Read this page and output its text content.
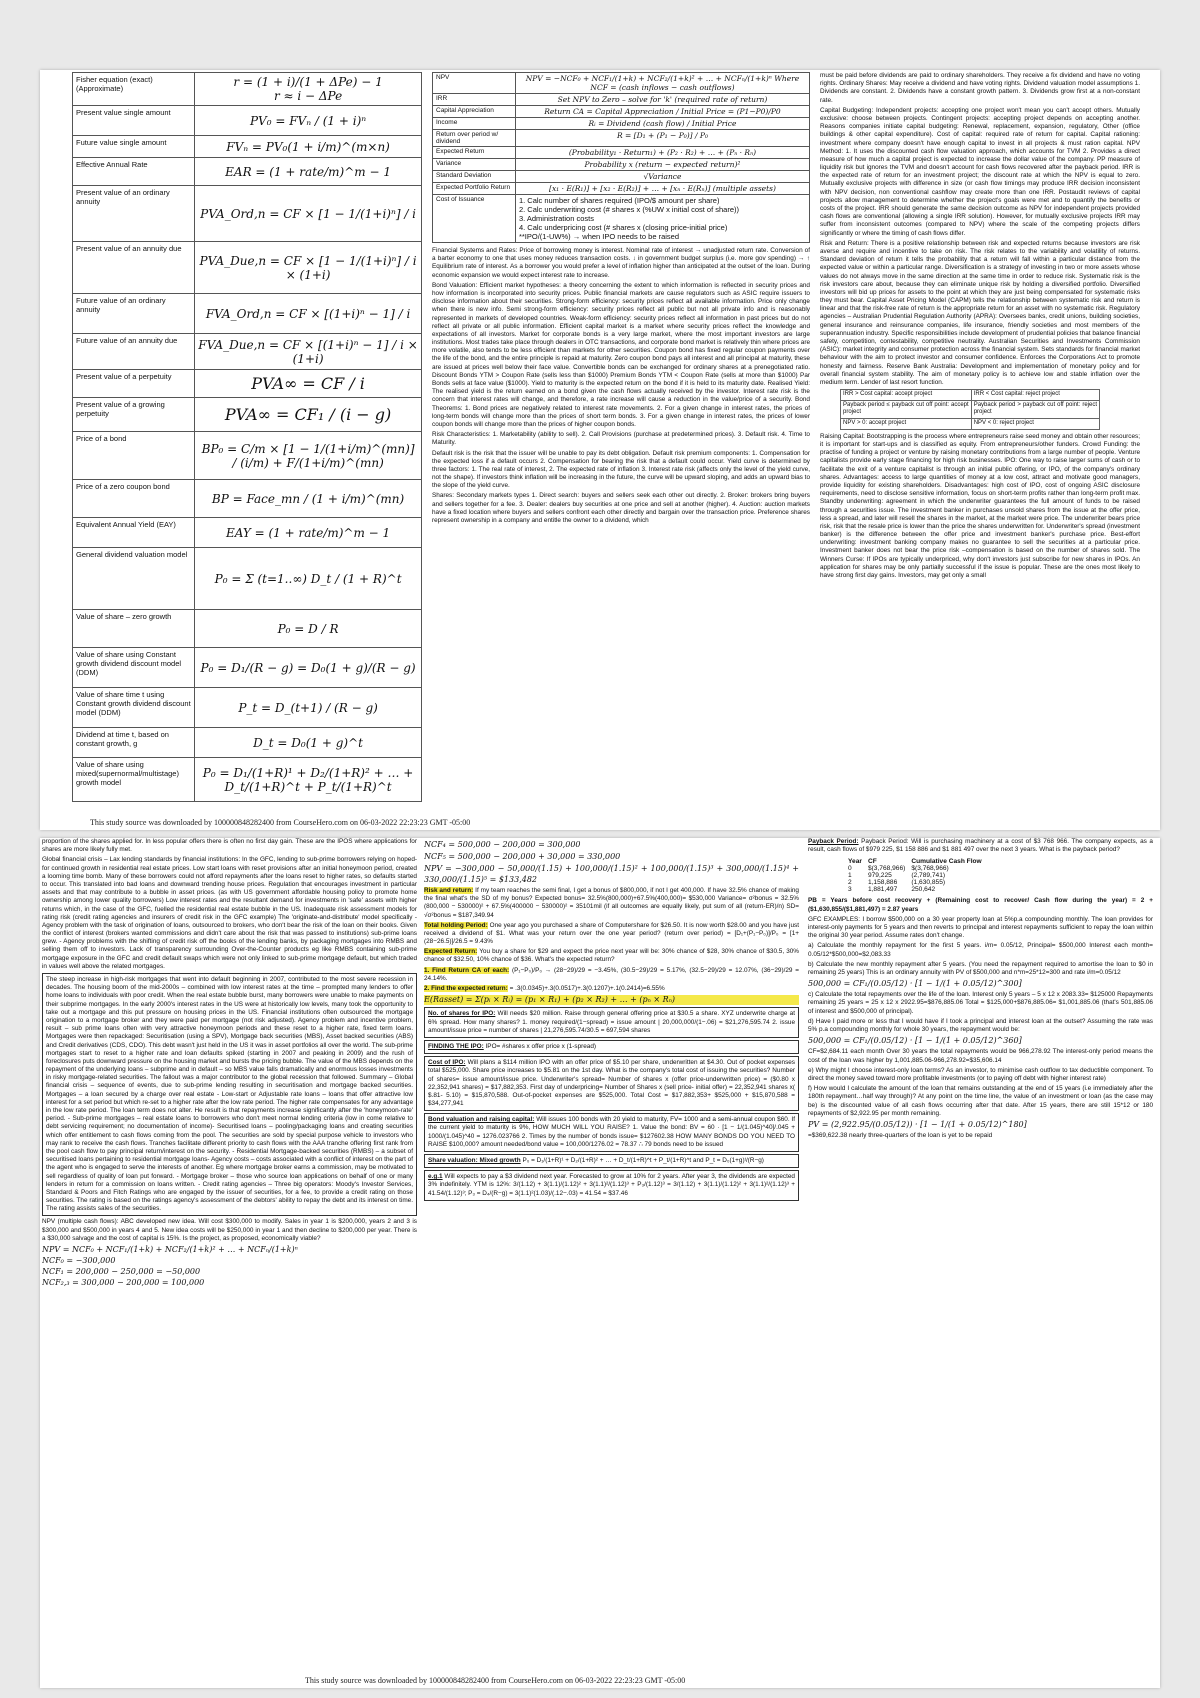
Fisher equation (exact)
(Approximate)	r = (1 + i)/(1 + ΔPe) − 1
r ≈ i − ΔPe
Present value single amount	PV₀ = FVₙ / (1 + i)ⁿ
Future value single amount	FVₙ = PV₀(1 + i/m)^(m×n)
Effective Annual Rate	EAR = (1 + rate/m)^m − 1
Present value of an ordinary annuity	PVA_Ord,n = CF × [1 − 1/(1+i)ⁿ] / i
Present value of an annuity due	PVA_Due,n = CF × [1 − 1/(1+i)ⁿ] / i × (1+i)
Future value of an ordinary annuity	FVA_Ord,n = CF × [(1+i)ⁿ − 1] / i
Future value of an annuity due	FVA_Due,n = CF × [(1+i)ⁿ − 1] / i × (1+i)
Present value of a perpetuity	PVA∞ = CF / i
Present value of a growing perpetuity	PVA∞ = CF₁ / (i − g)
Price of a bond	BP₀ = C/m × [1 − 1/(1+i/m)^(mn)] / (i/m) + F/(1+i/m)^(mn)
Price of a zero coupon bond	BP = Face_mn / (1 + i/m)^(mn)
Equivalent Annual Yield (EAY)	EAY = (1 + rate/m)^m − 1
General dividend valuation model	P₀ = Σ (t=1..∞) D_t / (1 + R)^t
Value of share – zero growth	P₀ = D / R
Value of share using Constant growth dividend discount model (DDM)	P₀ = D₁/(R − g) = D₀(1 + g)/(R − g)
Value of share time t using Constant growth dividend discount model (DDM)	P_t = D_(t+1) / (R − g)
Dividend at time t, based on constant growth, g	D_t = D₀(1 + g)^t
Value of share using mixed(supernormal/multistage) growth model	P₀ = D₁/(1+R)¹ + D₂/(1+R)² + … + D_t/(1+R)^t + P_t/(1+R)^t
NPV	NPV = −NCF₀ + NCF₁/(1+k) + NCF₂/(1+k)² + … + NCFₙ/(1+k)ⁿ Where NCF = (cash inflows − cash outflows)
IRR	Set NPV to Zero – solve for 'k' (required rate of return)
Capital Appreciation	Return CA = Capital Appreciation / Initial Price = (P1−P0)/P0
Income	Rᵢ = Dividend (cash flow) / Initial Price
Return over period w/ dividend	R = [D₁ + (P₁ − P₀)] / P₀
Expected Return	(Probability₁ · Return₁) + (P₂ · R₂) + … + (Pₙ · Rₙ)
Variance	Probability x (return − expected return)²
Standard Deviation	√Variance
Expected Portfolio Return	[x₁ · E(R₁)] + [x₂ · E(R₂)] + … + [xₙ · E(Rₙ)] (multiple assets)
Cost of Issuance	1. Calc number of shares required (IPO/$ amount per share)
2. Calc underwriting cost (# shares x (%UW x initial cost of share))
3. Administration costs
4. Calc underpricing cost (# shares x (closing price-initial price)
**IPO/(1-UW%) → when IPO needs to be raised

Financial Systems and Rates: Price of borrowing money is interest. Nominal rate of interest → unadjusted return rate. Conversion of a barter economy to one that uses money reduces transaction costs. ↓ in government budget surplus (i.e. more gov spending) → ↑ Equilibrium rate of interest. As a borrower you would prefer a level of inflation higher than anticipated at the outset of the loan. During economic expansion we would expect interest rate to increase.

Bond Valuation: Efficient market hypotheses: a theory concerning the extent to which information is reflected in security prices and how information is incorporated into security prices. Public financial markets are cause regulators such as ASIC require issuers to disclose information about their securities. Strong-form efficiency: security prices reflect all available information. Price only change when there is new info. Semi strong-form efficiency: security prices reflect all public but not all private info and is reasonably represented in markets of developed countries. Weak-form efficiency: security prices reflect all information in past prices but do not reflect all private or all public information. Efficient capital market is a market where security prices reflect the knowledge and expectations of all investors. Market for corporate bonds is a very large market, where the most important investors are large institutions. Most trades take place through dealers in OTC transactions, and corporate bond market is relatively thin where prices are more volatile, also tends to be less efficient than markets for other securities. Coupon bond has fixed regular coupon payments over the life of the bond, and the entire principle is repaid at maturity. Zero coupon bond pays all interest and all principal at maturity, these are issued at prices well below their face value. Convertible bonds can be exchanged for ordinary shares at a prenegotiated ratio. Discount Bonds YTM > Coupon Rate (sells less than $1000) Premium Bonds YTM < Coupon Rate (sells at more than $1000) Par Bonds sells at face value ($1000). Yield to maturity is the expected return on the bond if it is held to its maturity date. Realised Yield: The realised yield is the return earned on a bond given the cash flows actually received by the investor. Interest rate risk is the concern that interest rates will change, and therefore, a rate increase will cause a reduction in the value/price of a security. Bond Theorems: 1. Bond prices are negatively related to interest rate movements. 2. For a given change in interest rates, the prices of long-term bonds will change more than the prices of short term bonds. 3. For a given change in interest rates, the prices of lower coupon bonds will change more than the prices of higher coupon bonds.

Risk Characteristics: 1. Marketability (ability to sell). 2. Call Provisions (purchase at predetermined prices). 3. Default risk. 4. Time to Maturity.

Default risk is the risk that the issuer will be unable to pay its debt obligation. Default risk premium components: 1. Compensation for the expected loss if a default occurs 2. Compensation for bearing the risk that a default could occur. Yield curve is determined by three factors: 1. The real rate of interest, 2. The expected rate of inflation 3. Interest rate risk (affects only the level of the yield curve, not the shape). If investors think inflation will be increasing in the future, the curve will be upward sloping, and adds an upward bias to the slope of the yield curve.

Shares: Secondary markets types 1. Direct search: buyers and sellers seek each other out directly. 2. Broker: brokers bring buyers and sellers together for a fee. 3. Dealer: dealers buy securities at one price and sell at another (higher). 4. Auction: auction markets have a fixed location where buyers and sellers confront each other directly and bargain over the transaction price. Preference shares represent ownership in a company and entitle the owner to a dividend, which

must be paid before dividends are paid to ordinary shareholders. They receive a fix dividend and have no voting rights. Ordinary Shares: May receive a dividend and have voting rights. Dividend valuation model assumptions 1. Dividends are constant. 2. Dividends have a constant growth pattern. 3. Dividends grow first at a non-constant rate.

Capital Budgeting: Independent projects: accepting one project won't mean you can't accept others. Mutually exclusive: choose between projects. Contingent projects: accepting project depends on accepting another. Reasons companies initiate capital budgeting: Renewal, replacement, expansion, regulatory, Other (office buildings & other capital expenditure). Cost of capital: required rate of return for capital. Capital rationing: investment where company doesn't have enough capital to invest in all projects & must ration capital. NPV Method: 1. It uses the discounted cash flow valuation approach, which accounts for TVM 2. Provides a direct measure of how much a capital project is expected to increase the dollar value of the company. PP measure of liquidity risk but ignores the TVM and doesn't account for cash flows recovered after the payback period. IRR is the expected rate of return for an investment project; the discount rate at which the NPV is equal to zero. Mutually exclusive projects with difference in size (or cash flow timings may produce IRR decision inconsistent with NPV decision, non conventional cashflow may create more than one IRR. Postaudit reviews of capital projects allow management to determine whether the project's goals were met and to quantify the benefits or costs of the project. IRR should generate the same decision outcome as NPV for independent projects provided cash flows are conventional (allowing a single IRR solution). However, for mutually exclusive projects IRR may suffer from inconsistent outcomes (compared to NPV) where the scale of the competing projects differs significantly or where the timing of cash flows differ.

Risk and Return: There is a positive relationship between risk and expected returns because investors are risk averse and require and incentive to take on risk. The risk relates to the variability and volatility of returns. Standard deviation of return it tells the probability that a return will fall within a particular distance from the expected value or within a particular range. Diversification is a strategy of investing in two or more assets whose values do not always move in the same direction at the same time in order to reduce risk. Systematic risk is the risk investors care about, because they can eliminate unique risk by holding a diversified portfolio. Diversified investors will bid up prices for assets to the point at which they are just being compensated for systematic risks they must bear. Capital Asset Pricing Model (CAPM) tells the relationship between systematic risk and return is linear and that the risk-free rate of return is the appropriate return for an asset with no systematic risk. Regulatory agencies – Australian Prudential Regulation Authority (APRA): Oversees banks, credit unions, building societies, general insurance and reinsurance companies, life insurance, friendly societies and most members of the superannuation industry. Specific responsibilities include development of prudential policies that balance financial safety, competition, contestability, competitive neutrality. Australian Securities and Investments Commission (ASIC): market integrity and consumer protection across the financial system. Sets standards for financial market behaviour with the aim to protect investor and consumer confidence. Enforces the Corporations Act to promote honesty and fairness. Reserve Bank Australia: Development and implementation of monetary policy and for overall financial system stability. The aim of monetary policy is to achieve low and stable inflation over the medium term. Lender of last resort function.

IRR > Cost capital: accept project	IRR < Cost capital: reject project
Payback period ≤ payback cut off point: accept project	Payback period > payback cut off point: reject project
NPV > 0: accept project	NPV < 0: reject project

Raising Capital: Bootstrapping is the process where entrepreneurs raise seed money and obtain other resources; it is important for start-ups and is classified as equity. From entrepreneurs/other funders. Crowd Funding: the practise of funding a project or venture by raising monetary contributions from a large number of people. Venture capitalists provide early stage financing for high risk businesses. IPO: One way to raise larger sums of cash or to facilitate the exit of a venture capitalist is through an initial public offering, or IPO, of the company's ordinary shares. Advantages: access to large quantities of money at a low cost, attract and motivate good managers, provide liquidity for existing shareholders. Disadvantages: high cost of IPO, cost of ongoing ASIC disclosure requirements, need to disclose sensitive information, focus on short-term profits rather than long-term profit max. Standby underwriting: agreement in which the underwriter guarantees the full amount of funds to be raised through a securities issue. The investment banker in purchases unsold shares from the issue at the offer price, less a spread, and later will resell the shares in the market, at the market were price. The underwriter bears price risk, risk that the resale price is lower than the price the shares underwritten for. Underwriter's spread (investment banker) is the difference between the offer price and investment banker's purchase price. Best-effort underwriting: investment banking company makes no guarantee to sell the securities at a particular price. Investment banker does not bear the price risk –compensation is based on the number of shares sold. The Winners Curse: If IPOs are typically underpriced, why don't investors just subscribe for new shares in IPOs. An application for shares may be only partially successful if the issue is popular. These are the ones most likely to have strong first day gains. Investors, may get only a small

This study source was downloaded by 100000848282400 from CourseHero.com on 06-03-2022 22:23:23 GMT -05:00

proportion of the shares applied for. In less popular offers there is often no first day gain. These are the IPOS where applications for shares are more likely fully met.

Global financial crisis – Lax lending standards by financial institutions: In the GFC, lending to sub-prime borrowers relying on hoped-for continued growth in residential real estate prices. Low start loans with reset provisions after an initial honeymoon period, created a looming time bomb. Many of these borrowers could not afford repayments after the loans reset to higher rates, so defaults started to occur. This translated into bad loans and downward trending house prices. Regulation that encourages investment in particular assets and that may contribute to a bubble in asset prices. (as with US government affordable housing policy to promote home ownership among lower quality borrowers) Low interest rates and the resultant demand for investments in 'safe' assets with higher returns which, in the case of the GFC, fuelled the residential real estate bubble in the US. Inadequate risk assessment models for rating risk (credit rating agencies and insurers of credit risk in the GFC example) The 'originate-and-distribute' model specifically - Agency problem with the task of origination of loans, outsourced to brokers, who don't bear the risk of the loan on their books. Given the conflict of interest (brokers wanted commissions and didn't care about the risk that was passed to institutions) sub-prime loans grew. - Agency problems with the shifting of credit risk off the books of the lending banks, by packaging mortgages into RMBS and selling them off to investors. Lack of transparency surrounding Over-the-Counter products eg like RMBS containing sub-prime mortgage exposure in the GFC and credit default swaps which were not only linked to sub-prime mortgage default, but which traded in values well above the related mortgages.

The steep increase in high-risk mortgages that went into default beginning in 2007, contributed to the most severe recession in decades. The housing boom of the mid-2000s – combined with low interest rates at the time – prompted many lenders to offer home loans to individuals with poor credit. When the real estate bubble burst, many borrowers were unable to make payments on their subprime mortgages. In the early 2000's interest rates in the US were at historically low levels, many took the opportunity to take out a mortgage and this put pressure on housing prices in the US. Financial institutions often outsourced the mortgage origination to a mortgage broker and they were paid per mortgage (not risk adjusted). Agency problem and incentive problem, result – sub prime loans often with very attractive honeymoon periods and these reset to a higher rate, fixed term loans. Mortgages were then repackaged: Securitisation (using a SPV), Mortgage back securities (MBS), Asset backed securities (ABS) and Credit derivatives (CDS, CDO). This debt wasn't just held in the US it was in asset portfolios all over the world. The sub-prime mortgages start to reset to a higher rate and loan defaults spiked (starting in 2007 and peaking in 2009) and the rush of foreclosures puts downward pressure on the housing market and bursts the pricing bubble. The value of the MBS depends on the repayment of the underlying loans – subprime and in default – so MBS value falls dramatically and enormous losses investments in risky mortgage-related securities. The fallout was a major contributor to the global recession that followed. Summary – Global financial crisis – sequence of events, due to sub-prime lending resulting in securitisation and mortgage backed securities. Mortgages – a loan secured by a charge over real estate - Low-start or Adjustable rate loans – loans that offer attractive low interest for a set period but which re-set to a higher rate after the low rate period. The higher rate compensates for any advantage in the low rate period. The loan term does not alter. He result is that repayments increase significantly after the 'honeymoon-rate' period. - Sub-prime mortgages – real estate loans to borrowers who don't meet normal lending criteria (low in come relative to debt servicing requirement; no documentation of income)- Securitised loans – pooling/packaging loans and creating securities which offer entitlement to cash flows coming from the pool. The securities are sold by special purpose vehicle to investors who may rank to receive the cash flows. Tranches facilitate different priority to cash flows with the AAA tranche offering first rank from the pool cash flow to pay principal return/interest on the security. - Residential Mortgage-backed securities (RMBS) – a subset of securitised loans pertaining to residential mortgage loans- Agency costs – costs associated with a conflict of interest on the part of the agent who is engaged to serve the interests of another. Eg where mortgage broker earns a commission, may be motivated to sell regardless of quality of loan put forward. - Mortgage broker – those who source loan applications on behalf of one or many lenders in return for a commission on loans written. - Credit rating agencies – Three big operators: Moody's Investor Services, Standard & Poors and Fitch Ratings who are engaged by the issuer of securities, for a fee, to provide a credit rating on those securities. The rating is based on the ratings agency's assessment of the debtors' ability to repay the debt and its interest on time. The rating assists sales of the securities.

NPV (multiple cash flows): ABC developed new idea. Will cost $300,000 to modify. Sales in year 1 is $200,000, years 2 and 3 is $300,000 and $500,000 in years 4 and 5. New idea costs will be $250,000 in year 1 and then decline to $200,000 per year. There is a $30,000 salvage and the cost of capital is 15%. Is the project, as proposed, economically viable?

NPV = NCF₀ + NCF₁/(1+k) + NCF₂/(1+k)² + … + NCFₙ/(1+k)ⁿ
NCF₀ = −300,000
NCF₁ = 200,000 − 250,000 = −50,000
NCF₂,₃ = 300,000 − 200,000 = 100,000
NCF₄ = 500,000 − 200,000 = 300,000
NCF₅ = 500,000 − 200,000 + 30,000 = 330,000
NPV = −300,000 − 50,000/(1.15) + 100,000/(1.15)² + 100,000/(1.15)³ + 300,000/(1.15)⁴ + 330,000/(1.15)⁵ = $133,482

Risk and return: If my team reaches the semi final, I get a bonus of $800,000, if not I get 400,000. If have 32.5% chance of making the final what's the SD of my bonus? Expected bonus= 32.5%(800,000)+67.5%(400,000)= $530,000 Variance= σ²bonus = 32.5%(800,000 − 530000)² + 67.5%(400000 − 530000)² = 35101mil (if all outcomes are equally likely, put sum of all (return-ER)/n) SD= √σ²bonus = $187,349.94

Total holding Period: One year ago you purchased a share of Computershare for $26.50. It is now worth $28.00 and you have just received a dividend of $1. What was your return over the one year period? (return over period) = [D₁+(P₁−P₀)]/P₀ = [1+(28−26.5)]/26.5 = 9.43%

Expected Return: You buy a share for $29 and expect the price next year will be: 30% chance of $28, 30% chance of $30.5, 30% chance of $32.50, 10% chance of $36. What's the expected return?

1. Find Return CA of each: (P₁−P₀)/P₀ → (28−29)/29 = −3.45%, (30.5−29)/29 = 5.17%, (32.5−29)/29 = 12.07%, (36−29)/29 = 24.14%.

2. Find the expected return: = .3(0.0345)+.3(0.0517)+.3(0.1207)+.1(0.2414)=6.55%

E(Rasset) = Σ(pᵢ × Rᵢ) = (p₁ × R₁) + (p₂ × R₂) + … + (pₙ × Rₙ)

No. of shares for IPO: Will needs $20 million. Raise through general offering price at $30.5 a share. XYZ underwrite charge at 6% spread. How many shares? 1. money required/(1−spread) = issue amount | 20,000,000/(1−.06) = $21,276,595.74 2. issue amount/issue price = number of shares | 21,276,595.74/30.5 = 697,594 shares

FINDING THE IPO: IPO= #shares x offer price x (1-spread)

Cost of IPO: Will plans a $114 million IPO with an offer price of $5.10 per share, underwritten at $4.30. Out of pocket expenses total $525,000. Share price increases to $5.81 on the 1st day. What is the company's total cost of issuing the securities? Number of shares= issue amount/issue price. Underwriter's spread= Number of shares x (offer price-underwritten price) = ($0.80 x 22,352,941 shares) = $17,882,353. First day of underpricing= Number of Shares x (sell price- initial offer) = 22,352,941 shares x( $.81- 5.10) = $15,870,588. Out-of-pocket expenses are $525,000. Total Cost = $17,882,353+ $525,000 + $15,870,588 = $34,277,941

Bond valuation and raising capital: Will issues 100 bonds with 20 yield to maturity, FV= 1000 and a semi-annual coupon $60. If the current yield to maturity is 9%, HOW MUCH WILL YOU RAISE? 1. Value the bond: BV = 60 · [1 − 1/(1.045)^40]/.045 + 1000/(1.045)^40 = 1276.023766 2. Times by the number of bonds issue= $127602.38 HOW MANY BONDS DO YOU NEED TO RAISE $100,000? amount needed/bond value = 100,000/1276.02 = 78.37 ∴ 79 bonds need to be issued

Share valuation: Mixed growth P₀ = D₁/(1+R)¹ + D₂/(1+R)² + … + D_t/(1+R)^t + P_t/(1+R)^t and P_t = D₀(1+g)ᵗ/(R−g)

e.g.1 Will expects to pay a $3 dividend next year. Forecasted to grow at 10% for 2 years. After year 3, the dividends are expected 3% indefinitely. YTM is 12%: 3/(1.12) + 3(1.1)/(1.12)² + 3(1.1)²/(1.12)³ + P₃/(1.12)³ = 3/(1.12) + 3(1.1)/(1.12)² + 3(1.1)²/(1.12)³ + 41.54/(1.12)³; P₃ = D₄/(R−g) = 3(1.1)²(1.03)/(.12−.03) = 41.54 = $37.46

Payback Period: Payback Period: Will is purchasing machinery at a cost of $3 768 966. The company expects, as a result, cash flows of $979 225, $1 158 886 and $1 881 497 over the next 3 years. What is the payback period?

Year	CF	Cumulative Cash Flow
0	$(3,768,966)	$(3,768,966)
1	979,225	(2,789,741)
2	1,158,886	(1,630,855)
3	1,881,497	250,642

PB = Years before cost recovery + (Remaining cost to recover/ Cash flow during the year) = 2 + ($1,630,855/($1,881,497) = 2.87 years

GFC EXAMPLES: I borrow $500,000 on a 30 year property loan at 5%p.a compounding monthly. The loan provides for interest-only payments for 5 years and then reverts to principal and interest repayments sufficient to repay the loan within the original 30 year period. Assume rates don't change.

a) Calculate the monthly repayment for the first 5 years. i/m= 0.05/12, Principal= $500,000 Interest each month= 0.05/12*$500,000=$2,083.33

b) Calculate the new monthly repayment after 5 years. (You need the repayment required to amortise the loan to $0 in remaining 25 years) This is an ordinary annuity with PV of $500,000 and n*m=25*12=300 and rate i/m=0.05/12

500,000 = CF₁/(0.05/12) · [1 − 1/(1 + 0.05/12)^300]

c) Calculate the total repayments over the life of the loan. Interest only 5 years – 5 x 12 x 2083.33= $125000 Repayments remaining 25 years = 25 x 12 x 2922.95=$876,885.06 Total = $125,000+$876,885.06= $1,001,885.06 (that's 501,885.06 of interest and $500,000 of principal).

d) Have I paid more or less that I would have if I took a principal and interest loan at the outset? Assuming the rate was 5% p.a compounding monthly for whole 30 years, the repayment would be:

500,000 = CF₁/(0.05/12) · [1 − 1/(1 + 0.05/12)^360]

CF=$2,684.11 each month Over 30 years the total repayments would be 966,278.92 The interest-only period means the cost of the loan was higher by 1,001,885.06-966,278.92=$35,606.14

e) Why might I choose interest-only loan terms? As an investor, to minimise cash outflow to tax deductible component. To direct the money saved toward more profitable investments (or to paying off debt with higher interest rate)

f) How would I calculate the amount of the loan that remains outstanding at the end of 15 years (i.e immediately after the 180th repayment…half way through)? At any point on the time line, the value of an investment or loan (as the case may be) is the discounted value of all cash flows occurring after that date. After 15 years, there are still 15*12 or 180 repayments of $2,922.95 per month remaining.

PV = (2,922.95/(0.05/12)) · [1 − 1/(1 + 0.05/12)^180]

=$369,622.38 nearly three-quarters of the loan is yet to be repaid

This study source was downloaded by 100000848282400 from CourseHero.com on 06-03-2022 22:23:23 GMT -05:00
